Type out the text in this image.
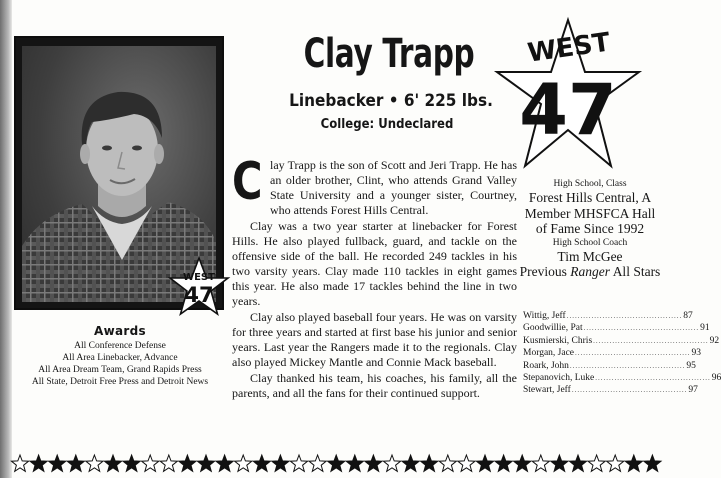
WEST
47
Awards
All Conference Defense
All Area Linebacker, Advance
All Area Dream Team, Grand Rapids Press
All State, Detroit Free Press and Detroit News
Clay Trapp
Linebacker • 6' 225 lbs.
College: Undeclared

Clay Trapp is the son of Scott and Jeri Trapp. He has an older brother, Clint, who attends Grand Valley State University and a younger sister, Courtney, who attends Forest Hills Central.

Clay was a two year starter at linebacker for Forest Hills. He also played fullback, guard, and tackle on the offensive side of the ball. He recorded 249 tackles in his two varsity years. Clay made 110 tackles in eight games this year. He also made 17 tackles behind the line in two years.

Clay also played baseball four years. He was on varsity for three years and started at first base his junior and senior years. Last year the Rangers made it to the regionals. Clay also played Mickey Mantle and Connie Mack baseball.

Clay thanked his team, his coaches, his family, all the parents, and all the fans for their continued support.

WEST
47
High School, Class
Forest Hills Central, A Member MHSFCA Hall of Fame Since 1992
High School Coach
Tim McGee
Previous Ranger All Stars
Wittig, Jeff .......................................... 87
Goodwillie, Pat .......................................... 91
Kusmierski, Chris .......................................... 92
Morgan, Jace .......................................... 93
Roark, John .......................................... 95
Stepanovich, Luke .......................................... 96
Stewart, Jeff .......................................... 97
